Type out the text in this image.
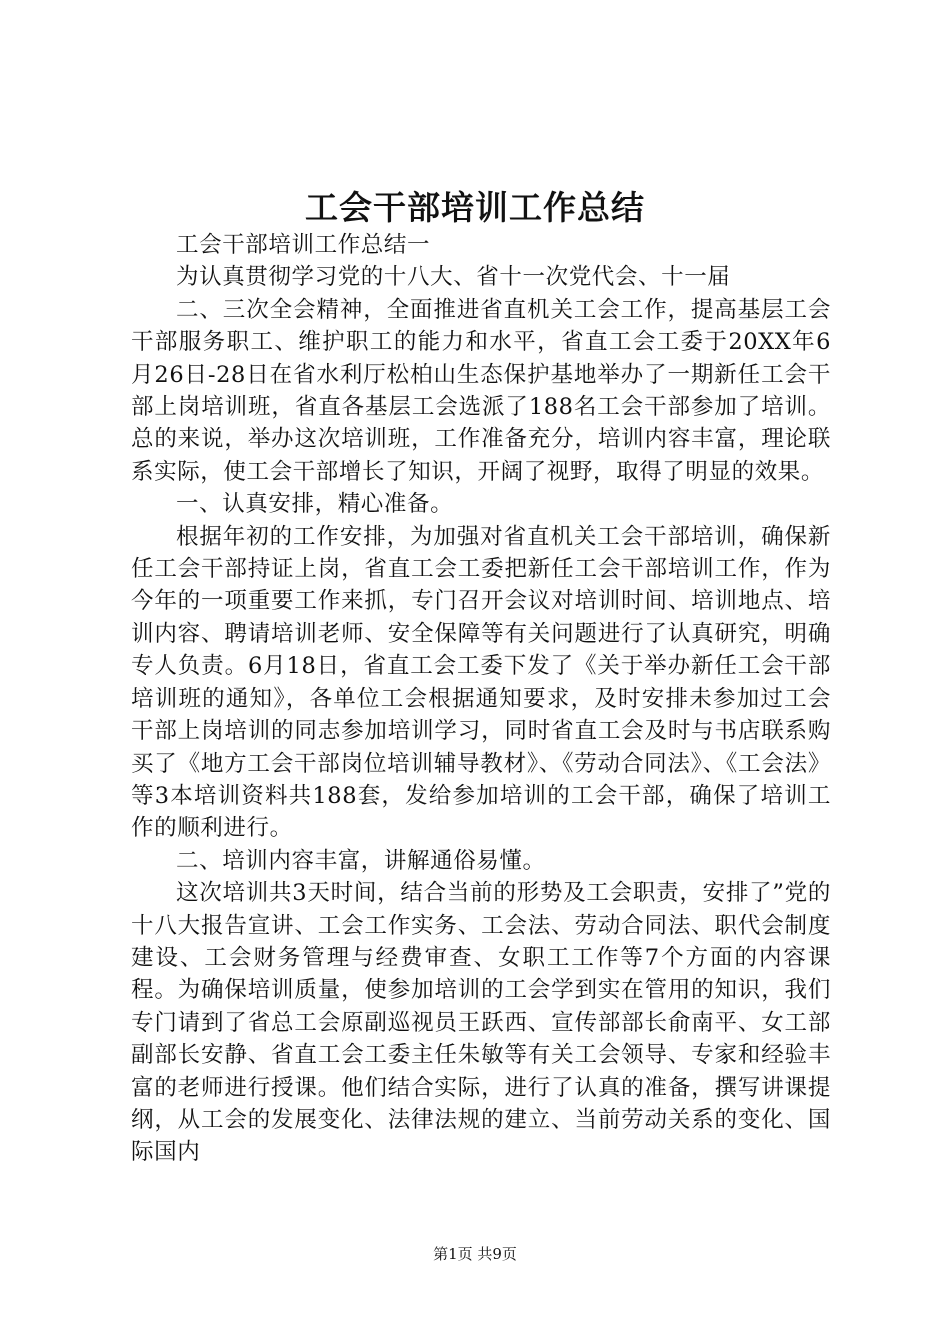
工会干部培训工作总结

工会干部培训工作总结一

为认真贯彻学习党的十八大、省十一次党代会、十一届

二、三次全会精神，全面推进省直机关工会工作，提高基层工会干部服务职工、维护职工的能力和水平，省直工会工委于20XX年6月26日-28日在省水利厅松柏山生态保护基地举办了一期新任工会干部上岗培训班，省直各基层工会选派了188名工会干部参加了培训。总的来说，举办这次培训班，工作准备充分，培训内容丰富，理论联系实际，使工会干部增长了知识，开阔了视野，取得了明显的效果。

一、认真安排，精心准备。

根据年初的工作安排，为加强对省直机关工会干部培训，确保新任工会干部持证上岗，省直工会工委把新任工会干部培训工作，作为今年的一项重要工作来抓，专门召开会议对培训时间、培训地点、培训内容、聘请培训老师、安全保障等有关问题进行了认真研究，明确专人负责。6月18日，省直工会工委下发了《关于举办新任工会干部培训班的通知》，各单位工会根据通知要求，及时安排未参加过工会干部上岗培训的同志参加培训学习，同时省直工会及时与书店联系购买了《地方工会干部岗位培训辅导教材》、《劳动合同法》、《工会法》等3本培训资料共188套，发给参加培训的工会干部，确保了培训工作的顺利进行。

二、培训内容丰富，讲解通俗易懂。

这次培训共3天时间，结合当前的形势及工会职责，安排了”党的十八大报告宣讲、工会工作实务、工会法、劳动合同法、职代会制度建设、工会财务管理与经费审查、女职工工作等7个方面的内容课程。为确保培训质量，使参加培训的工会学到实在管用的知识，我们专门请到了省总工会原副巡视员王跃西、宣传部部长俞南平、女工部副部长安静、省直工会工委主任朱敏等有关工会领导、专家和经验丰富的老师进行授课。他们结合实际，进行了认真的准备，撰写讲课提纲，从工会的发展变化、法律法规的建立、当前劳动关系的变化、国际国内

第1页 共9页
